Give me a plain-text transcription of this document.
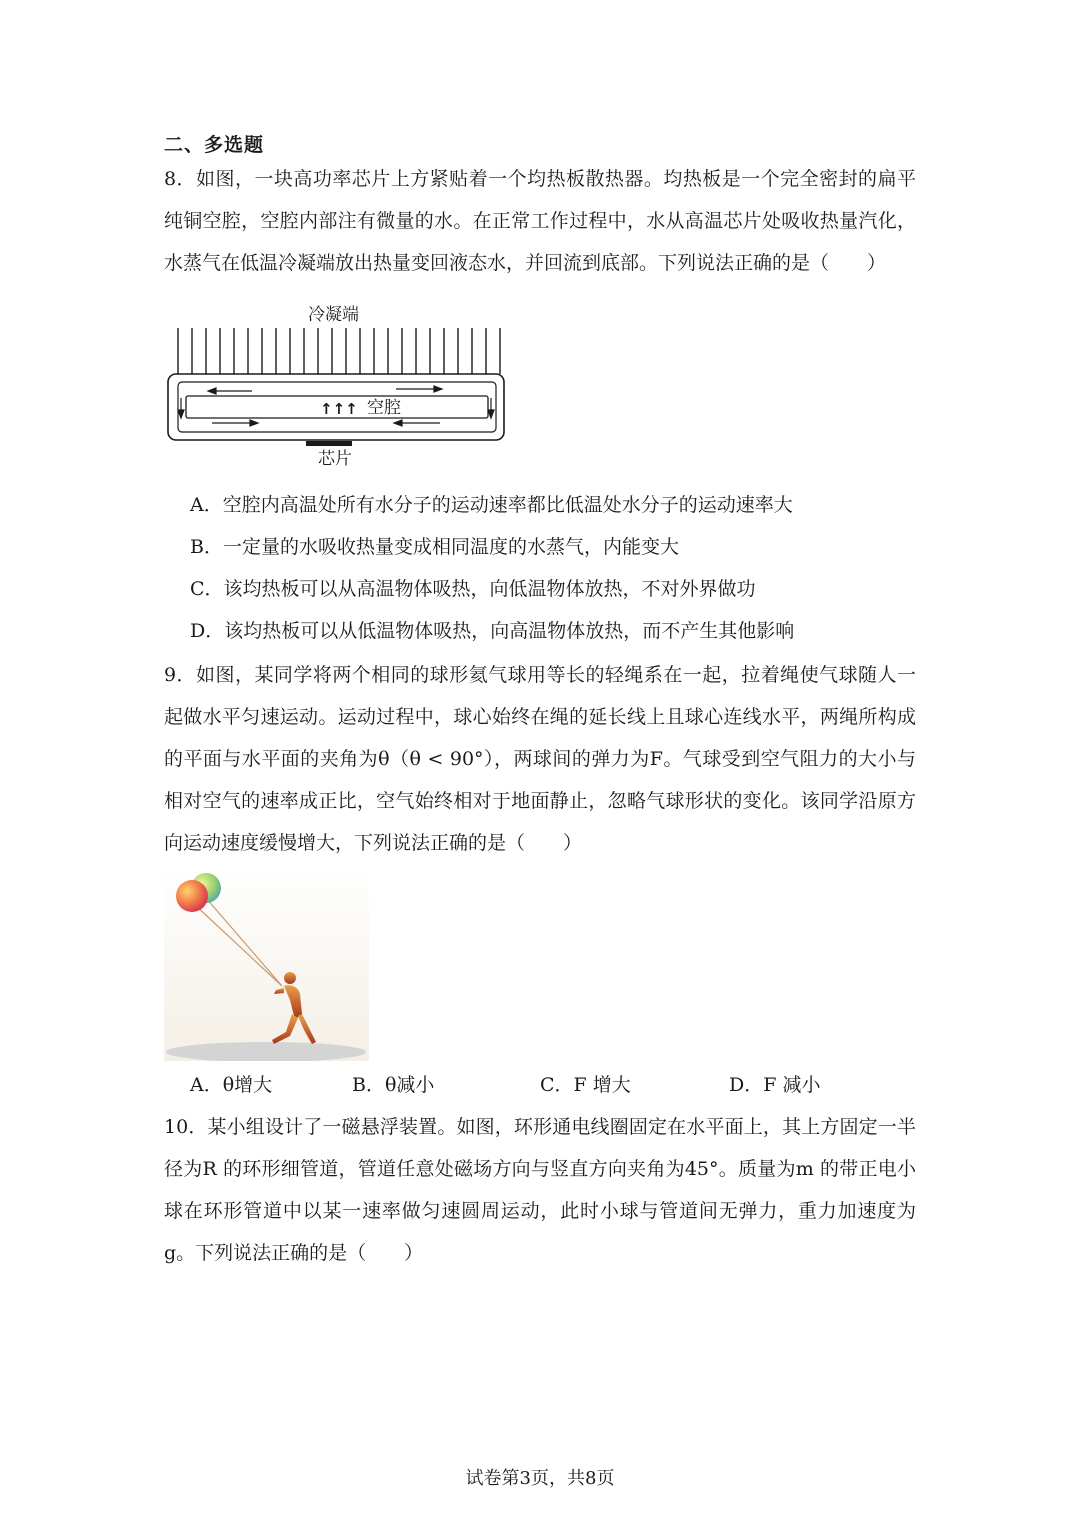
二、多选题
8．如图，一块高功率芯片上方紧贴着一个均热板散热器。均热板是一个完全密封的扁平纯铜空腔，空腔内部注有微量的水。在正常工作过程中，水从高温芯片处吸收热量汽化，水蒸气在低温冷凝端放出热量变回液态水，并回流到底部。下列说法正确的是（　　）
冷凝端
↑↑↑ 空腔
芯片
A．空腔内高温处所有水分子的运动速率都比低温处水分子的运动速率大
B．一定量的水吸收热量变成相同温度的水蒸气，内能变大
C．该均热板可以从高温物体吸热，向低温物体放热，不对外界做功
D．该均热板可以从低温物体吸热，向高温物体放热，而不产生其他影响
9．如图，某同学将两个相同的球形氦气球用等长的轻绳系在一起，拉着绳使气球随人一起做水平匀速运动。运动过程中，球心始终在绳的延长线上且球心连线水平，两绳所构成的平面与水平面的夹角为θ（θ < 90°），两球间的弹力为F。气球受到空气阻力的大小与相对空气的速率成正比，空气始终相对于地面静止，忽略气球形状的变化。该同学沿原方向运动速度缓慢增大，下列说法正确的是（　　）
A．θ增大	B．θ减小	C．F 增大	D．F 减小
10．某小组设计了一磁悬浮装置。如图，环形通电线圈固定在水平面上，其上方固定一半径为R 的环形细管道，管道任意处磁场方向与竖直方向夹角为45°。质量为m 的带正电小球在环形管道中以某一速率做匀速圆周运动，此时小球与管道间无弹力，重力加速度为g。下列说法正确的是（　　）
试卷第3页，共8页
